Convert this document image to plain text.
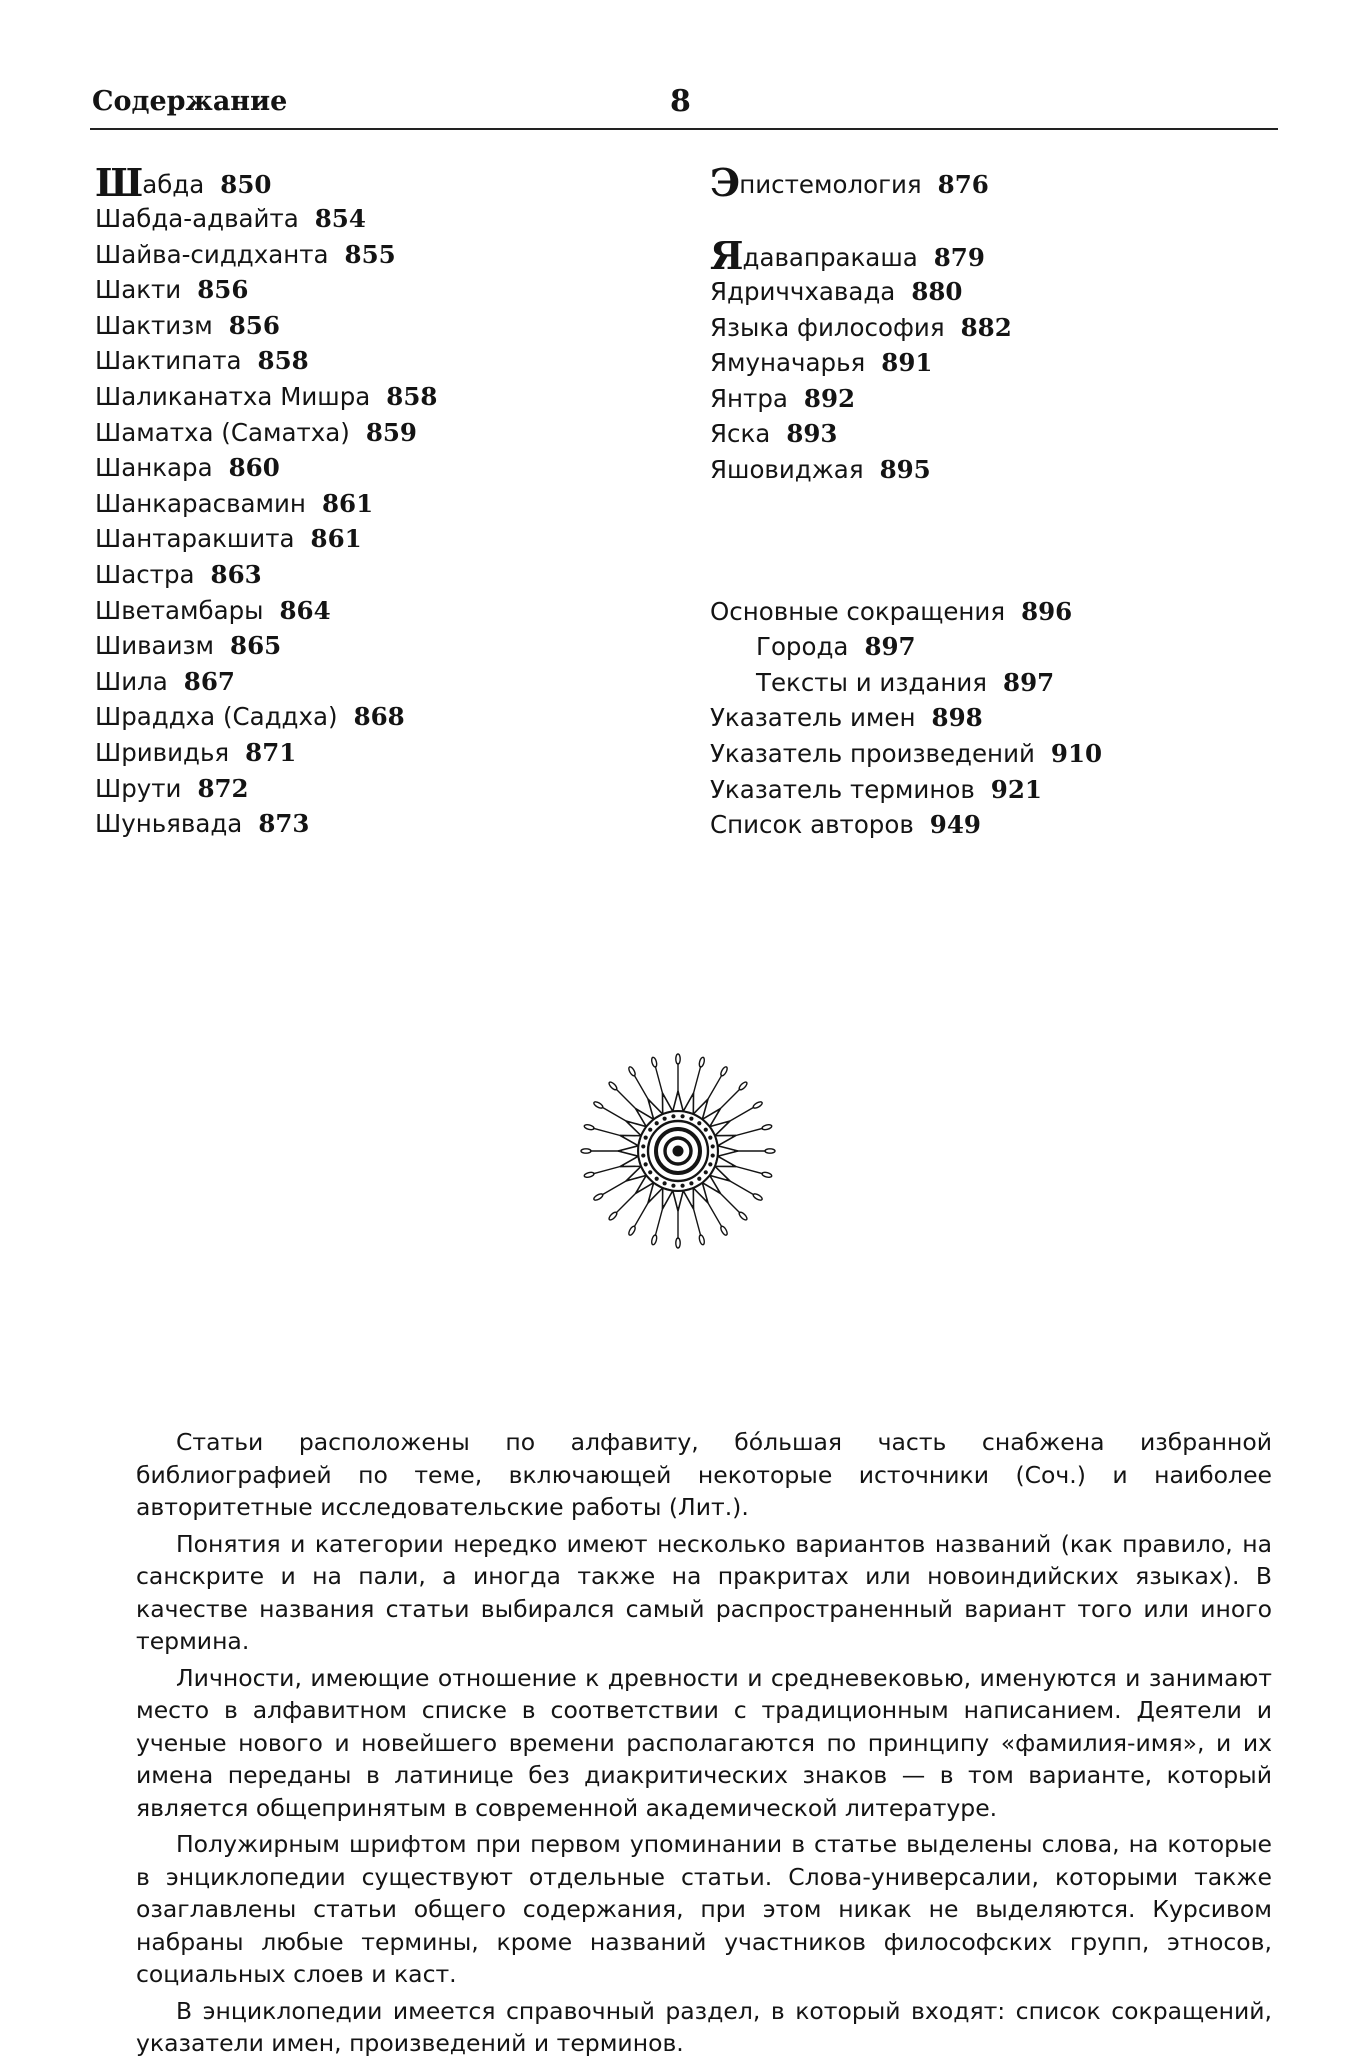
Содержание	8
Шабда 850
Шабда-адвайта 854
Шайва-сиддханта 855
Шакти 856
Шактизм 856
Шактипата 858
Шаликанатха Мишра 858
Шаматха (Саматха) 859
Шанкара 860
Шанкарасвамин 861
Шантаракшита 861
Шастра 863
Шветамбары 864
Шиваизм 865
Шила 867
Шраддха (Саддха) 868
Шривидья 871
Шрути 872
Шуньявада 873
Эпистемология 876
Ядавапракаша 879
Ядриччхавада 880
Языка философия 882
Ямуначарья 891
Янтра 892
Яска 893
Яшовиджая 895
Основные сокращения 896
Города 897
Тексты и издания 897
Указатель имен 898
Указатель произведений 910
Указатель терминов 921
Список авторов 949

Статьи расположены по алфавиту, бо́льшая часть снабжена избранной библиографией по теме, включающей некоторые источники (Соч.) и наиболее авторитетные исследовательские работы (Лит.).

Понятия и категории нередко имеют несколько вариантов названий (как правило, на санскрите и на пали, а иногда также на пракритах или новоиндийских языках). В качестве названия статьи выбирался самый распространенный вариант того или иного термина.

Личности, имеющие отношение к древности и средневековью, именуются и занимают место в алфавитном списке в соответствии с традиционным написанием. Деятели и ученые нового и новейшего времени располагаются по принципу «фамилия-имя», и их имена переданы в латинице без диакритических знаков — в том варианте, который является общепринятым в современной академической литературе.

Полужирным шрифтом при первом упоминании в статье выделены слова, на которые в энциклопедии существуют отдельные статьи. Слова-универсалии, которыми также озаглавлены статьи общего содержания, при этом никак не выделяются. Курсивом набраны любые термины, кроме названий участников философских групп, этносов, социальных слоев и каст.

В энциклопедии имеется справочный раздел, в который входят: список сокращений, указатели имен, произведений и терминов.
